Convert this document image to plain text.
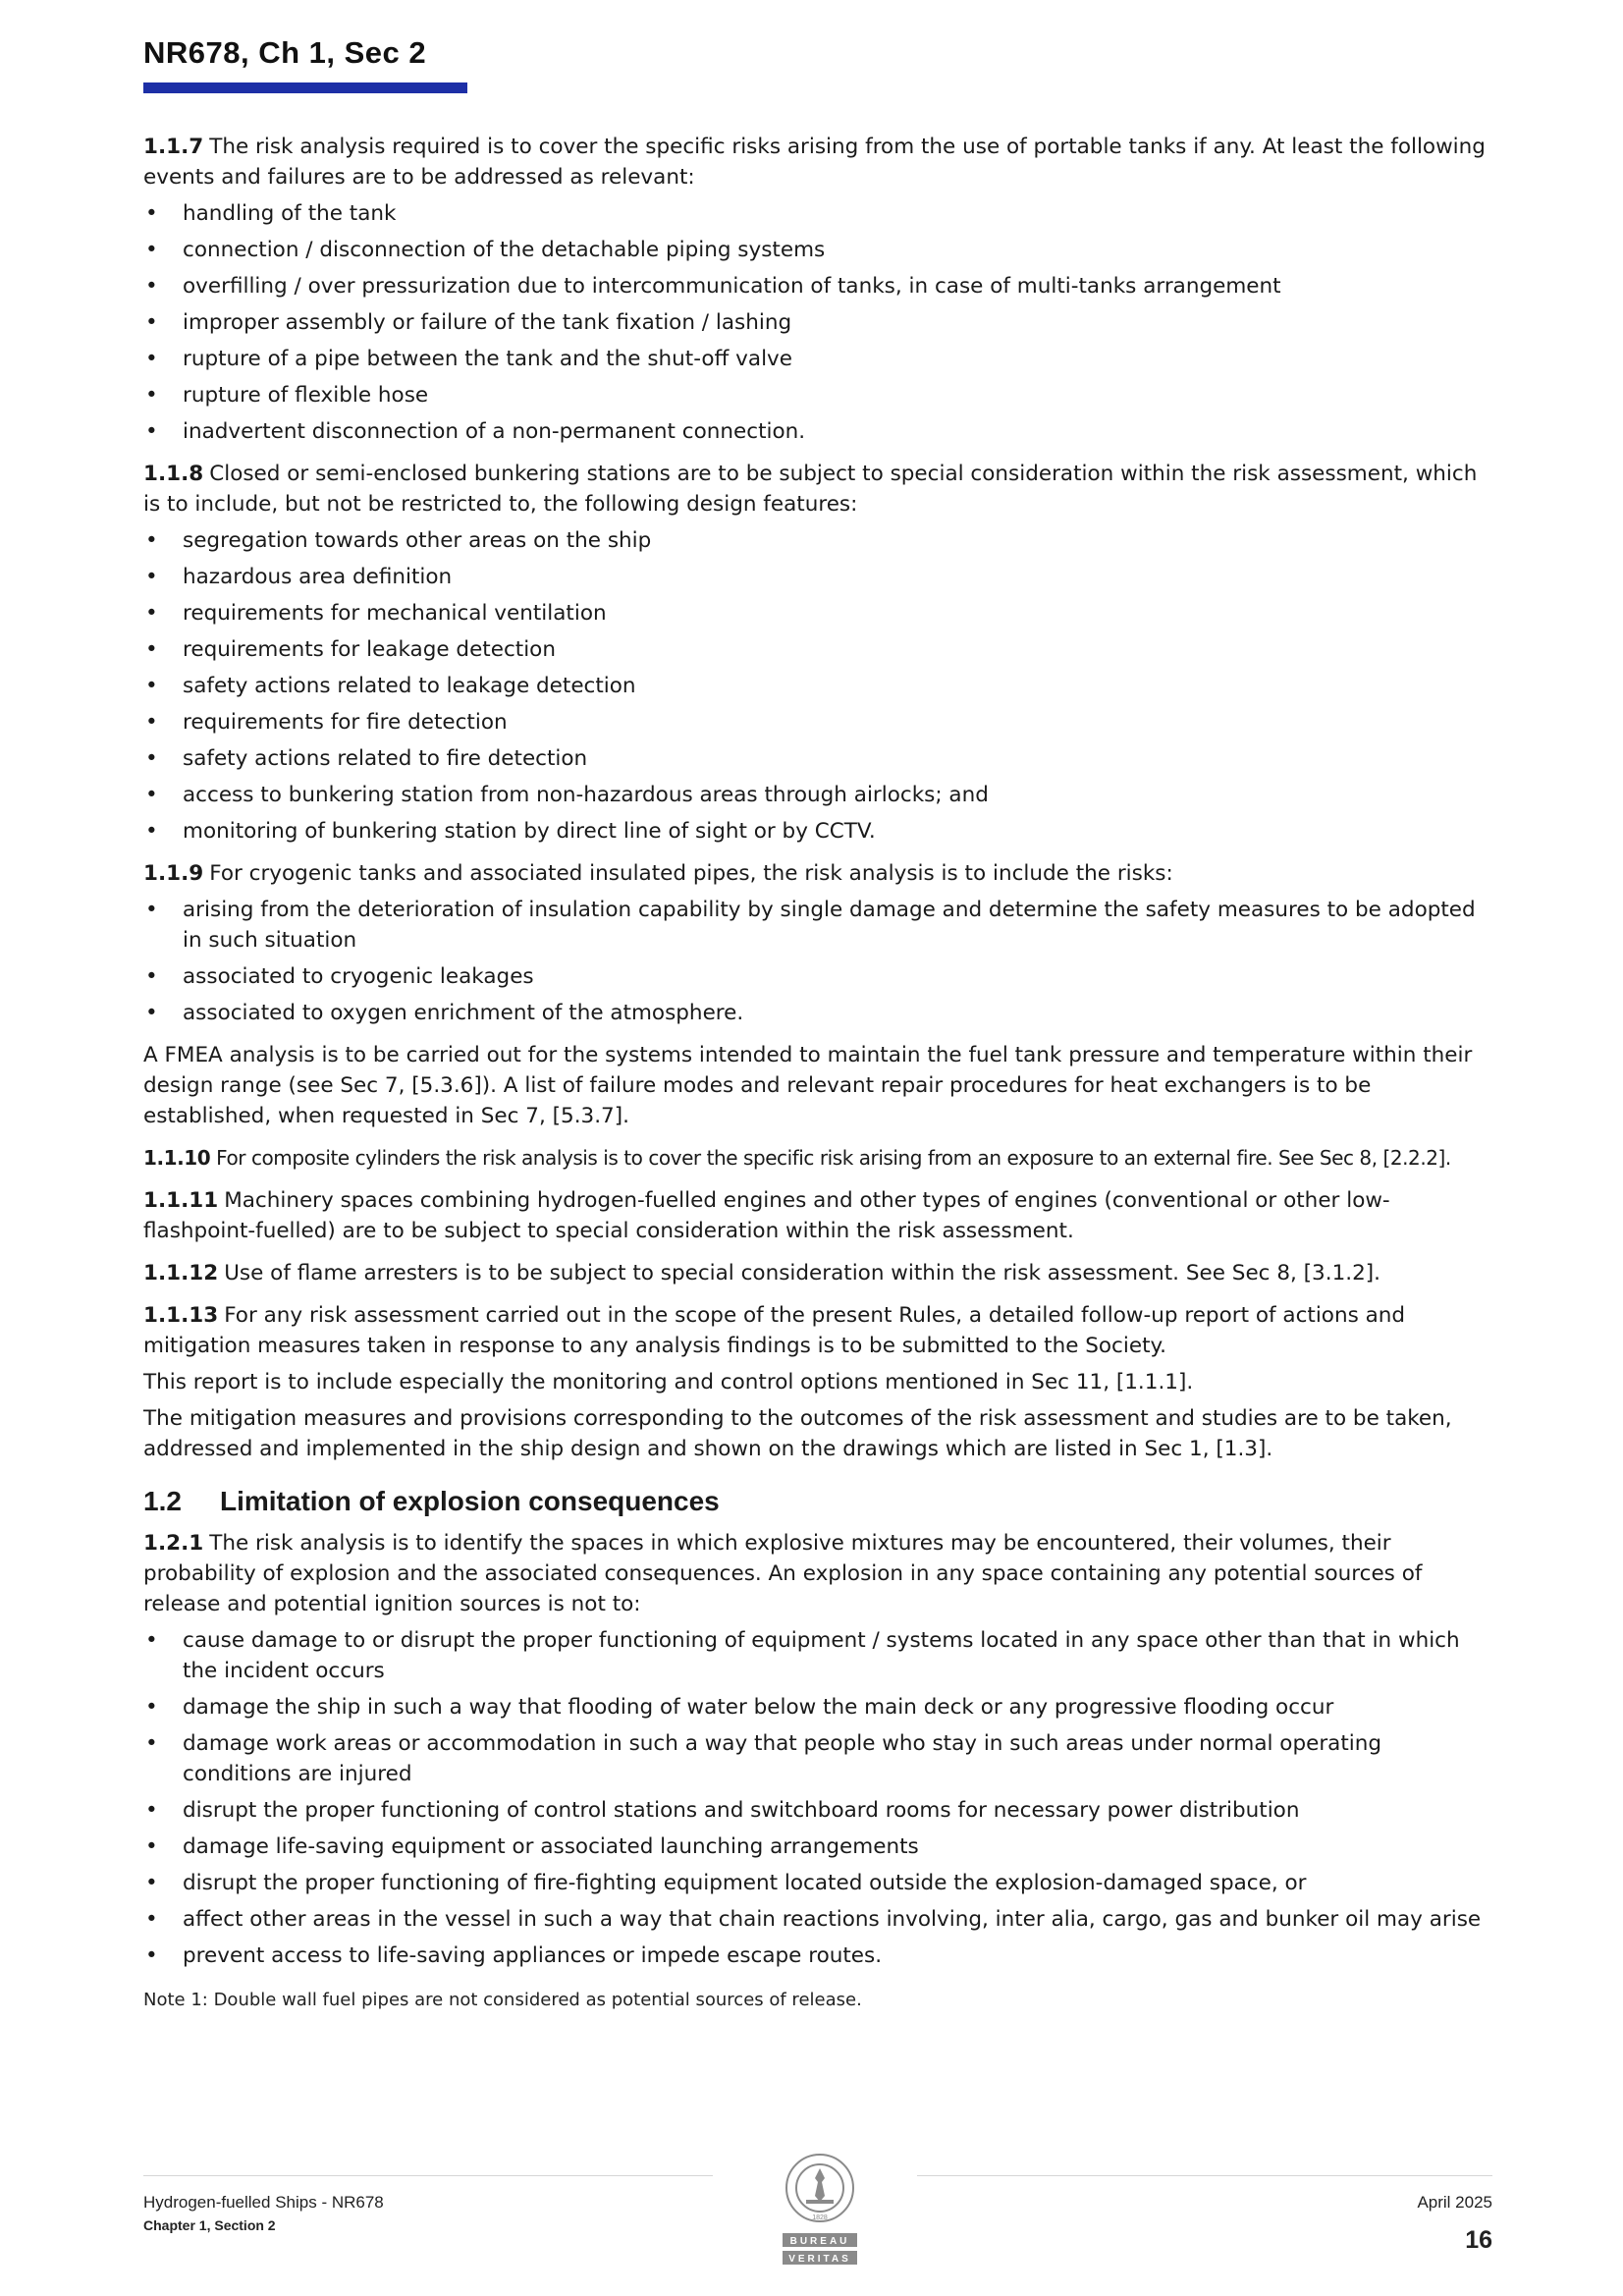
NR678, Ch 1, Sec 2

1.1.7 The risk analysis required is to cover the specific risks arising from the use of portable tanks if any. At least the following events and failures are to be addressed as relevant:

• handling of the tank
• connection / disconnection of the detachable piping systems
• overfilling / over pressurization due to intercommunication of tanks, in case of multi-tanks arrangement
• improper assembly or failure of the tank fixation / lashing
• rupture of a pipe between the tank and the shut-off valve
• rupture of flexible hose
• inadvertent disconnection of a non-permanent connection.

1.1.8 Closed or semi-enclosed bunkering stations are to be subject to special consideration within the risk assessment, which is to include, but not be restricted to, the following design features:

• segregation towards other areas on the ship
• hazardous area definition
• requirements for mechanical ventilation
• requirements for leakage detection
• safety actions related to leakage detection
• requirements for fire detection
• safety actions related to fire detection
• access to bunkering station from non-hazardous areas through airlocks; and
• monitoring of bunkering station by direct line of sight or by CCTV.

1.1.9 For cryogenic tanks and associated insulated pipes, the risk analysis is to include the risks:

• arising from the deterioration of insulation capability by single damage and determine the safety measures to be adopted in such situation
• associated to cryogenic leakages
• associated to oxygen enrichment of the atmosphere.

A FMEA analysis is to be carried out for the systems intended to maintain the fuel tank pressure and temperature within their design range (see Sec 7, [5.3.6]). A list of failure modes and relevant repair procedures for heat exchangers is to be established, when requested in Sec 7, [5.3.7].

1.1.10 For composite cylinders the risk analysis is to cover the specific risk arising from an exposure to an external fire. See Sec 8, [2.2.2].

1.1.11 Machinery spaces combining hydrogen-fuelled engines and other types of engines (conventional or other low-flashpoint-fuelled) are to be subject to special consideration within the risk assessment.

1.1.12 Use of flame arresters is to be subject to special consideration within the risk assessment. See Sec 8, [3.1.2].

1.1.13 For any risk assessment carried out in the scope of the present Rules, a detailed follow-up report of actions and mitigation measures taken in response to any analysis findings is to be submitted to the Society.

This report is to include especially the monitoring and control options mentioned in Sec 11, [1.1.1].

The mitigation measures and provisions corresponding to the outcomes of the risk assessment and studies are to be taken, addressed and implemented in the ship design and shown on the drawings which are listed in Sec 1, [1.3].

1.2 Limitation of explosion consequences

1.2.1 The risk analysis is to identify the spaces in which explosive mixtures may be encountered, their volumes, their probability of explosion and the associated consequences. An explosion in any space containing any potential sources of release and potential ignition sources is not to:

• cause damage to or disrupt the proper functioning of equipment / systems located in any space other than that in which the incident occurs
• damage the ship in such a way that flooding of water below the main deck or any progressive flooding occur
• damage work areas or accommodation in such a way that people who stay in such areas under normal operating conditions are injured
• disrupt the proper functioning of control stations and switchboard rooms for necessary power distribution
• damage life-saving equipment or associated launching arrangements
• disrupt the proper functioning of fire-fighting equipment located outside the explosion-damaged space, or
• affect other areas in the vessel in such a way that chain reactions involving, inter alia, cargo, gas and bunker oil may arise
• prevent access to life-saving appliances or impede escape routes.

Note 1: Double wall fuel pipes are not considered as potential sources of release.

Hydrogen-fuelled Ships - NR678
Chapter 1, Section 2
BUREAU
VERITAS
1828
April 2025
16
